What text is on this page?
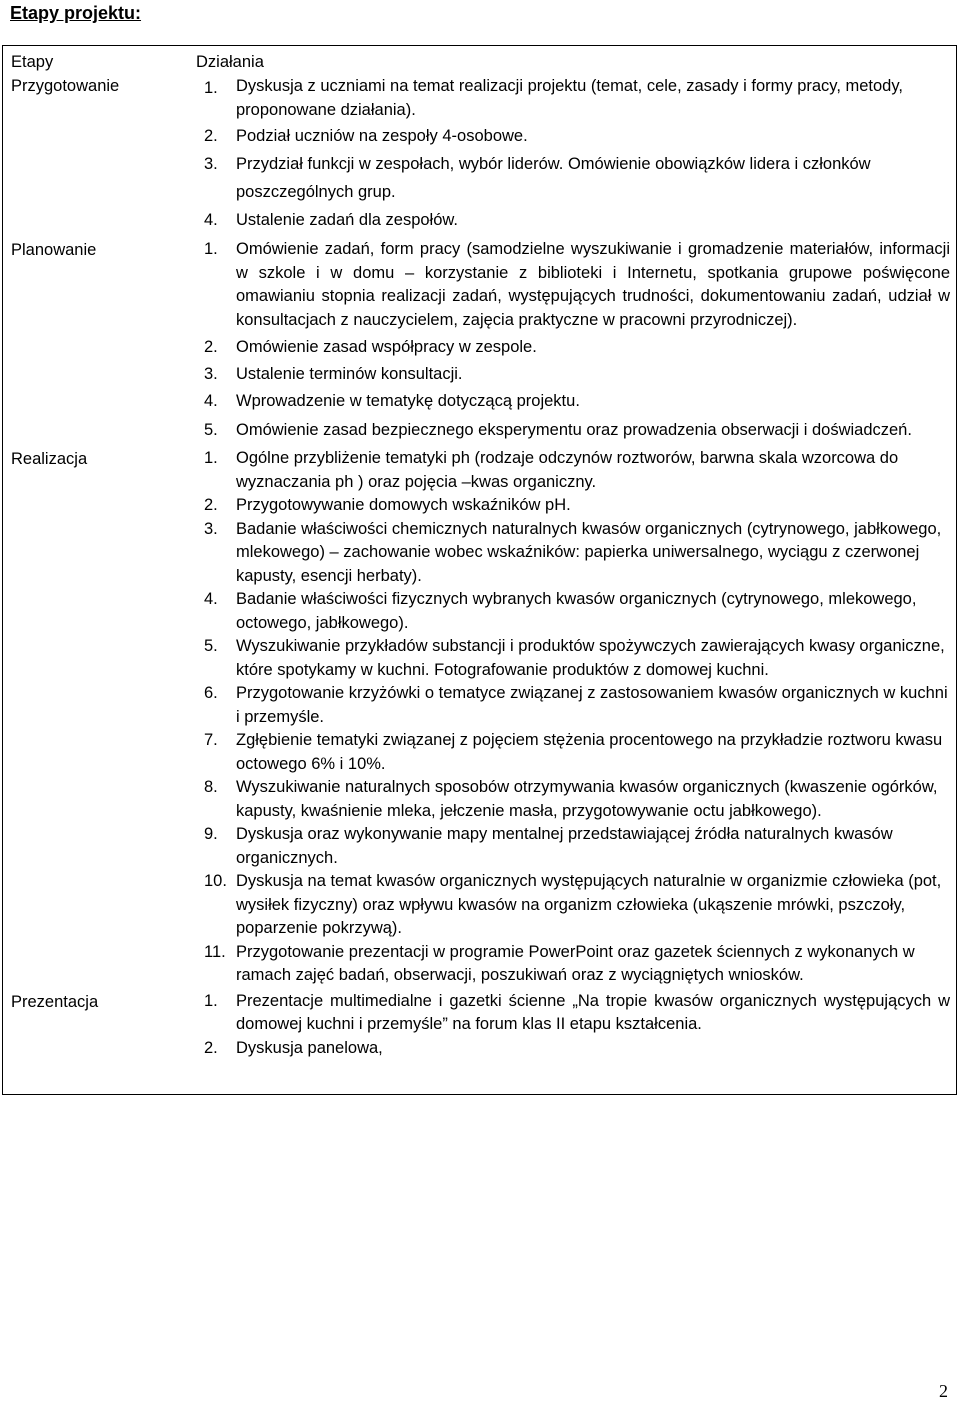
Etapy projektu:
Etapy	Działania
Przygotowanie	1.	Dyskusja z uczniami na temat realizacji projektu (temat, cele, zasady i formy pracy, metody, proponowane działania).
2.	Podział uczniów na zespoły 4-osobowe.
3.	Przydział funkcji w zespołach, wybór liderów. Omówienie obowiązków lidera i członków poszczególnych grup.
4.	Ustalenie zadań dla zespołów.
Planowanie	1.	Omówienie zadań, form pracy (samodzielne wyszukiwanie i gromadzenie materiałów, informacji w szkole i w domu – korzystanie z biblioteki i Internetu, spotkania grupowe poświęcone omawianiu stopnia realizacji zadań, występujących trudności, dokumentowaniu zadań, udział w konsultacjach z nauczycielem, zajęcia praktyczne w pracowni przyrodniczej).
2.	Omówienie zasad współpracy w zespole.
3.	Ustalenie terminów konsultacji.
4.	Wprowadzenie w tematykę dotyczącą projektu.
5.	Omówienie zasad bezpiecznego eksperymentu oraz prowadzenia obserwacji i doświadczeń.
Realizacja	1.	Ogólne przybliżenie tematyki ph (rodzaje odczynów roztworów, barwna skala wzorcowa do wyznaczania ph ) oraz pojęcia –kwas organiczny.
2.	Przygotowywanie domowych wskaźników pH.
3.	Badanie właściwości chemicznych naturalnych kwasów organicznych (cytrynowego, jabłkowego, mlekowego) – zachowanie wobec wskaźników: papierka uniwersalnego, wyciągu z czerwonej kapusty, esencji herbaty).
4.	Badanie właściwości fizycznych wybranych kwasów organicznych (cytrynowego, mlekowego, octowego, jabłkowego).
5.	Wyszukiwanie przykładów substancji i produktów spożywczych zawierających kwasy organiczne, które spotykamy w kuchni. Fotografowanie produktów z domowej kuchni.
6.	Przygotowanie krzyżówki o tematyce związanej z zastosowaniem kwasów organicznych w kuchni i przemyśle.
7.	Zgłębienie tematyki związanej z pojęciem stężenia procentowego na przykładzie roztworu kwasu octowego 6% i 10%.
8.	Wyszukiwanie naturalnych sposobów otrzymywania kwasów organicznych (kwaszenie ogórków, kapusty, kwaśnienie mleka, jełczenie masła, przygotowywanie octu jabłkowego).
9.	Dyskusja oraz wykonywanie mapy mentalnej przedstawiającej źródła naturalnych kwasów organicznych.
10. Dyskusja na temat kwasów organicznych występujących naturalnie w organizmie człowieka (pot, wysiłek fizyczny) oraz wpływu kwasów na organizm człowieka (ukąszenie mrówki, pszczoły, poparzenie pokrzywą).
11. Przygotowanie prezentacji w programie PowerPoint oraz gazetek ściennych z wykonanych w ramach zajęć badań, obserwacji, poszukiwań oraz z wyciągniętych wniosków.
Prezentacja	1.	Prezentacje multimedialne i gazetki ścienne „Na tropie kwasów organicznych występujących w domowej kuchni i przemyśle” na forum klas II etapu kształcenia.
2.	Dyskusja panelowa,
2
